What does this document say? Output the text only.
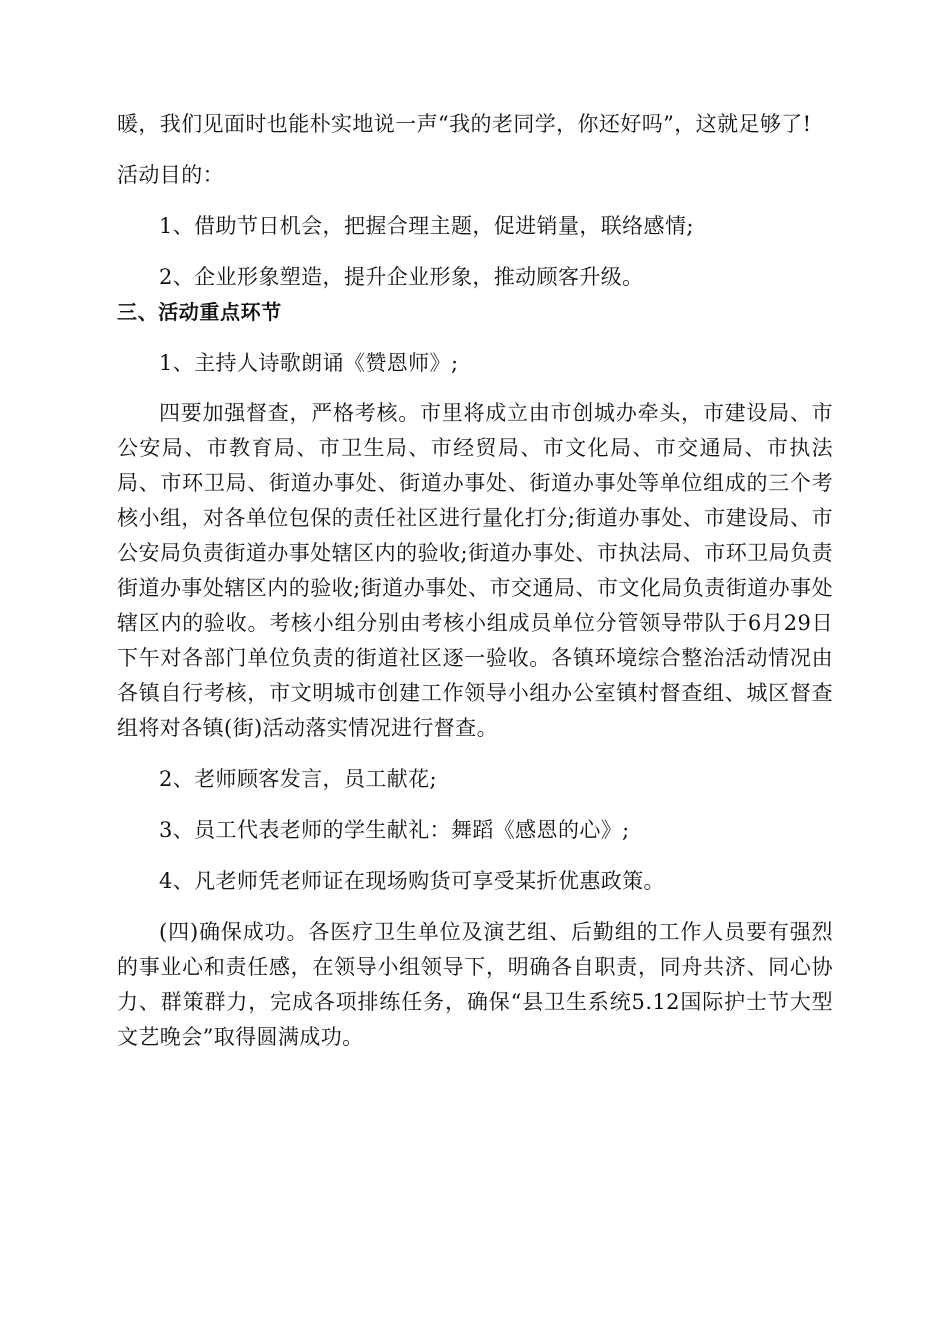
暖，我们见面时也能朴实地说一声“我的老同学，你还好吗”，这就足够了!

活动目的：

1、借助节日机会，把握合理主题，促进销量，联络感情;

2、企业形象塑造，提升企业形象，推动顾客升级。

三、活动重点环节

1、主持人诗歌朗诵《赞恩师》;

四要加强督查，严格考核。市里将成立由市创城办牵头，市建设局、市公安局、市教育局、市卫生局、市经贸局、市文化局、市交通局、市执法局、市环卫局、街道办事处、街道办事处、街道办事处等单位组成的三个考核小组，对各单位包保的责任社区进行量化打分;街道办事处、市建设局、市公安局负责街道办事处辖区内的验收;街道办事处、市执法局、市环卫局负责街道办事处辖区内的验收;街道办事处、市交通局、市文化局负责街道办事处辖区内的验收。考核小组分别由考核小组成员单位分管领导带队于6月29日下午对各部门单位负责的街道社区逐一验收。各镇环境综合整治活动情况由各镇自行考核，市文明城市创建工作领导小组办公室镇村督查组、城区督查组将对各镇(街)活动落实情况进行督查。

2、老师顾客发言，员工献花;

3、员工代表老师的学生献礼：舞蹈《感恩的心》;

4、凡老师凭老师证在现场购货可享受某折优惠政策。

(四)确保成功。各医疗卫生单位及演艺组、后勤组的工作人员要有强烈的事业心和责任感，在领导小组领导下，明确各自职责，同舟共济、同心协力、群策群力，完成各项排练任务，确保“县卫生系统5.12国际护士节大型文艺晚会”取得圆满成功。
